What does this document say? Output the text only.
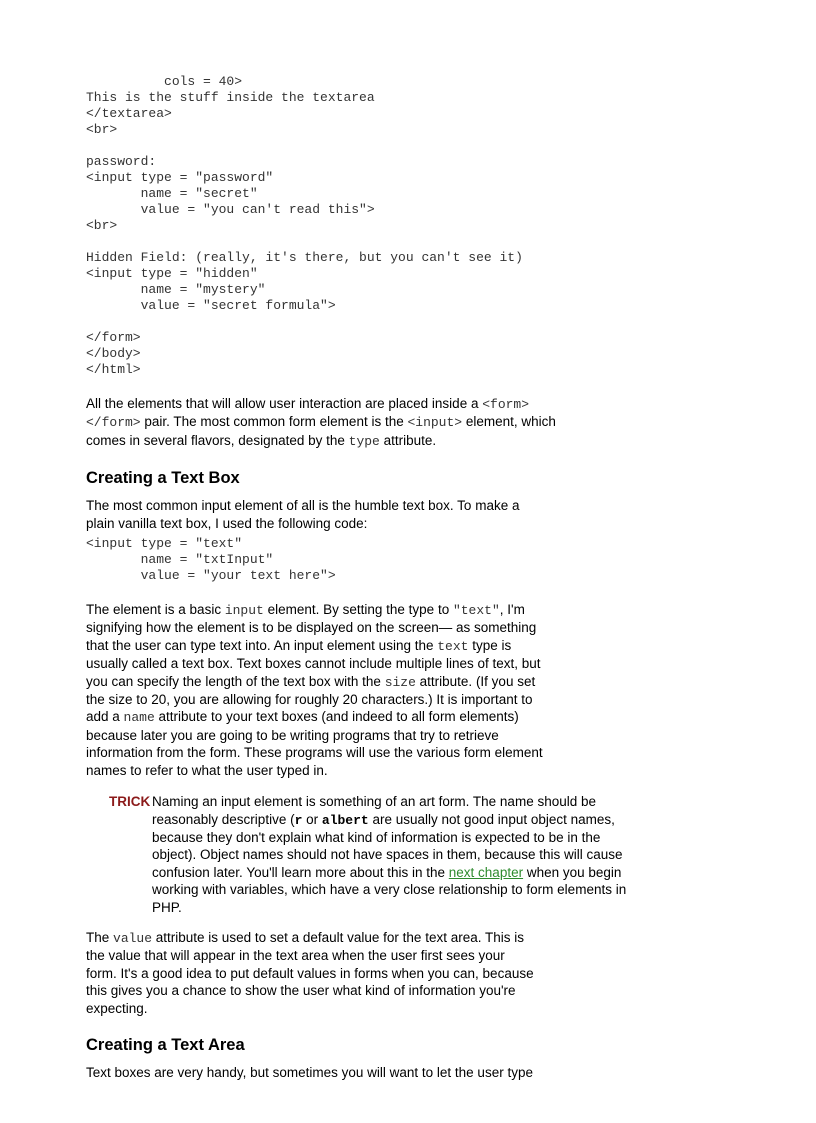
cols = 40>
This is the stuff inside the textarea
</textarea>
<br>

password:
<input type = "password"
name = "secret"
value = "you can't read this">
<br>

Hidden Field: (really, it's there, but you can't see it)
<input type = "hidden"
name = "mystery"
value = "secret formula">

</form>
</body>
</html>

All the elements that will allow user interaction are placed inside a <form></form> pair. The most common form element is the <input> element, which comes in several flavors, designated by the type attribute.

Creating a Text Box

The most common input element of all is the humble text box. To make a plain vanilla text box, I used the following code:

<input type = "text"
name = "txtInput"
value = "your text here">

The element is a basic input element. By setting the type to "text", I'm signifying how the element is to be displayed on the screen— as something that the user can type text into. An input element using the text type is usually called a text box. Text boxes cannot include multiple lines of text, but you can specify the length of the text box with the size attribute. (If you set the size to 20, you are allowing for roughly 20 characters.) It is important to add a name attribute to your text boxes (and indeed to all form elements) because later you are going to be writing programs that try to retrieve information from the form. These programs will use the various form element names to refer to what the user typed in.

TRICK Naming an input element is something of an art form. The name should be reasonably descriptive (r or albert are usually not good input object names, because they don't explain what kind of information is expected to be in the object). Object names should not have spaces in them, because this will cause confusion later. You'll learn more about this in the next chapter when you begin working with variables, which have a very close relationship to form elements in PHP.

The value attribute is used to set a default value for the text area. This is the value that will appear in the text area when the user first sees your form. It's a good idea to put default values in forms when you can, because this gives you a chance to show the user what kind of information you're expecting.

Creating a Text Area

Text boxes are very handy, but sometimes you will want to let the user type
